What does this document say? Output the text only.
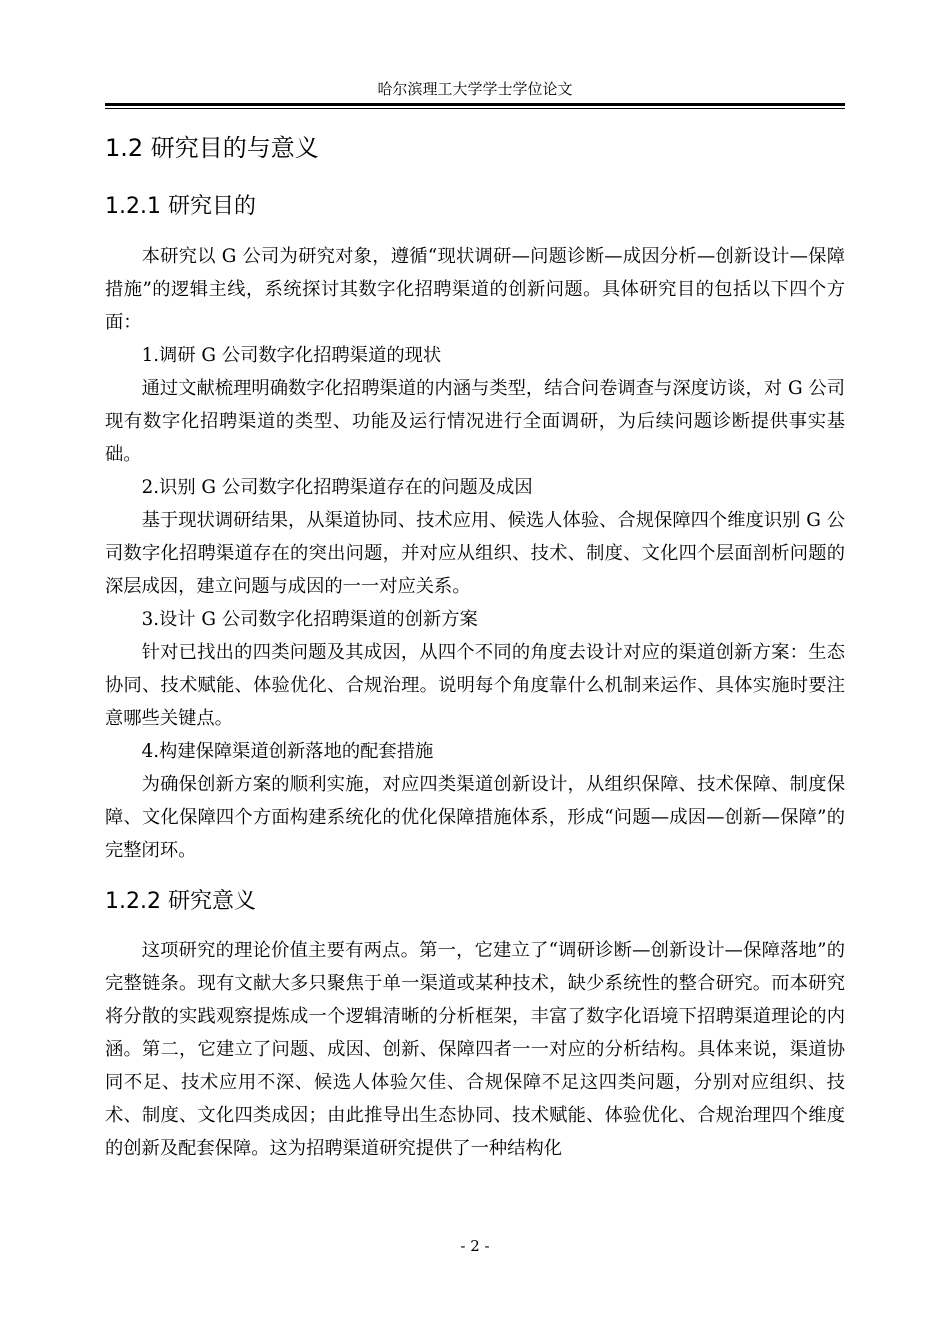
哈尔滨理工大学学士学位论文
1.2 研究目的与意义
1.2.1 研究目的

本研究以 G 公司为研究对象，遵循“现状调研—问题诊断—成因分析—创新设计—保障措施”的逻辑主线，系统探讨其数字化招聘渠道的创新问题。具体研究目的包括以下四个方面：

1.调研 G 公司数字化招聘渠道的现状

通过文献梳理明确数字化招聘渠道的内涵与类型，结合问卷调查与深度访谈，对 G 公司现有数字化招聘渠道的类型、功能及运行情况进行全面调研，为后续问题诊断提供事实基础。

2.识别 G 公司数字化招聘渠道存在的问题及成因

基于现状调研结果，从渠道协同、技术应用、候选人体验、合规保障四个维度识别 G 公司数字化招聘渠道存在的突出问题，并对应从组织、技术、制度、文化四个层面剖析问题的深层成因，建立问题与成因的一一对应关系。

3.设计 G 公司数字化招聘渠道的创新方案

针对已找出的四类问题及其成因，从四个不同的角度去设计对应的渠道创新方案：生态协同、技术赋能、体验优化、合规治理。说明每个角度靠什么机制来运作、具体实施时要注意哪些关键点。

4.构建保障渠道创新落地的配套措施

为确保创新方案的顺利实施，对应四类渠道创新设计，从组织保障、技术保障、制度保障、文化保障四个方面构建系统化的优化保障措施体系，形成“问题—成因—创新—保障”的完整闭环。

1.2.2 研究意义

这项研究的理论价值主要有两点。第一，它建立了“调研诊断—创新设计—保障落地”的完整链条。现有文献大多只聚焦于单一渠道或某种技术，缺少系统性的整合研究。而本研究将分散的实践观察提炼成一个逻辑清晰的分析框架，丰富了数字化语境下招聘渠道理论的内涵。第二，它建立了问题、成因、创新、保障四者一一对应的分析结构。具体来说，渠道协同不足、技术应用不深、候选人体验欠佳、合规保障不足这四类问题，分别对应组织、技术、制度、文化四类成因；由此推导出生态协同、技术赋能、体验优化、合规治理四个维度的创新及配套保障。这为招聘渠道研究提供了一种结构化

- 2 -
